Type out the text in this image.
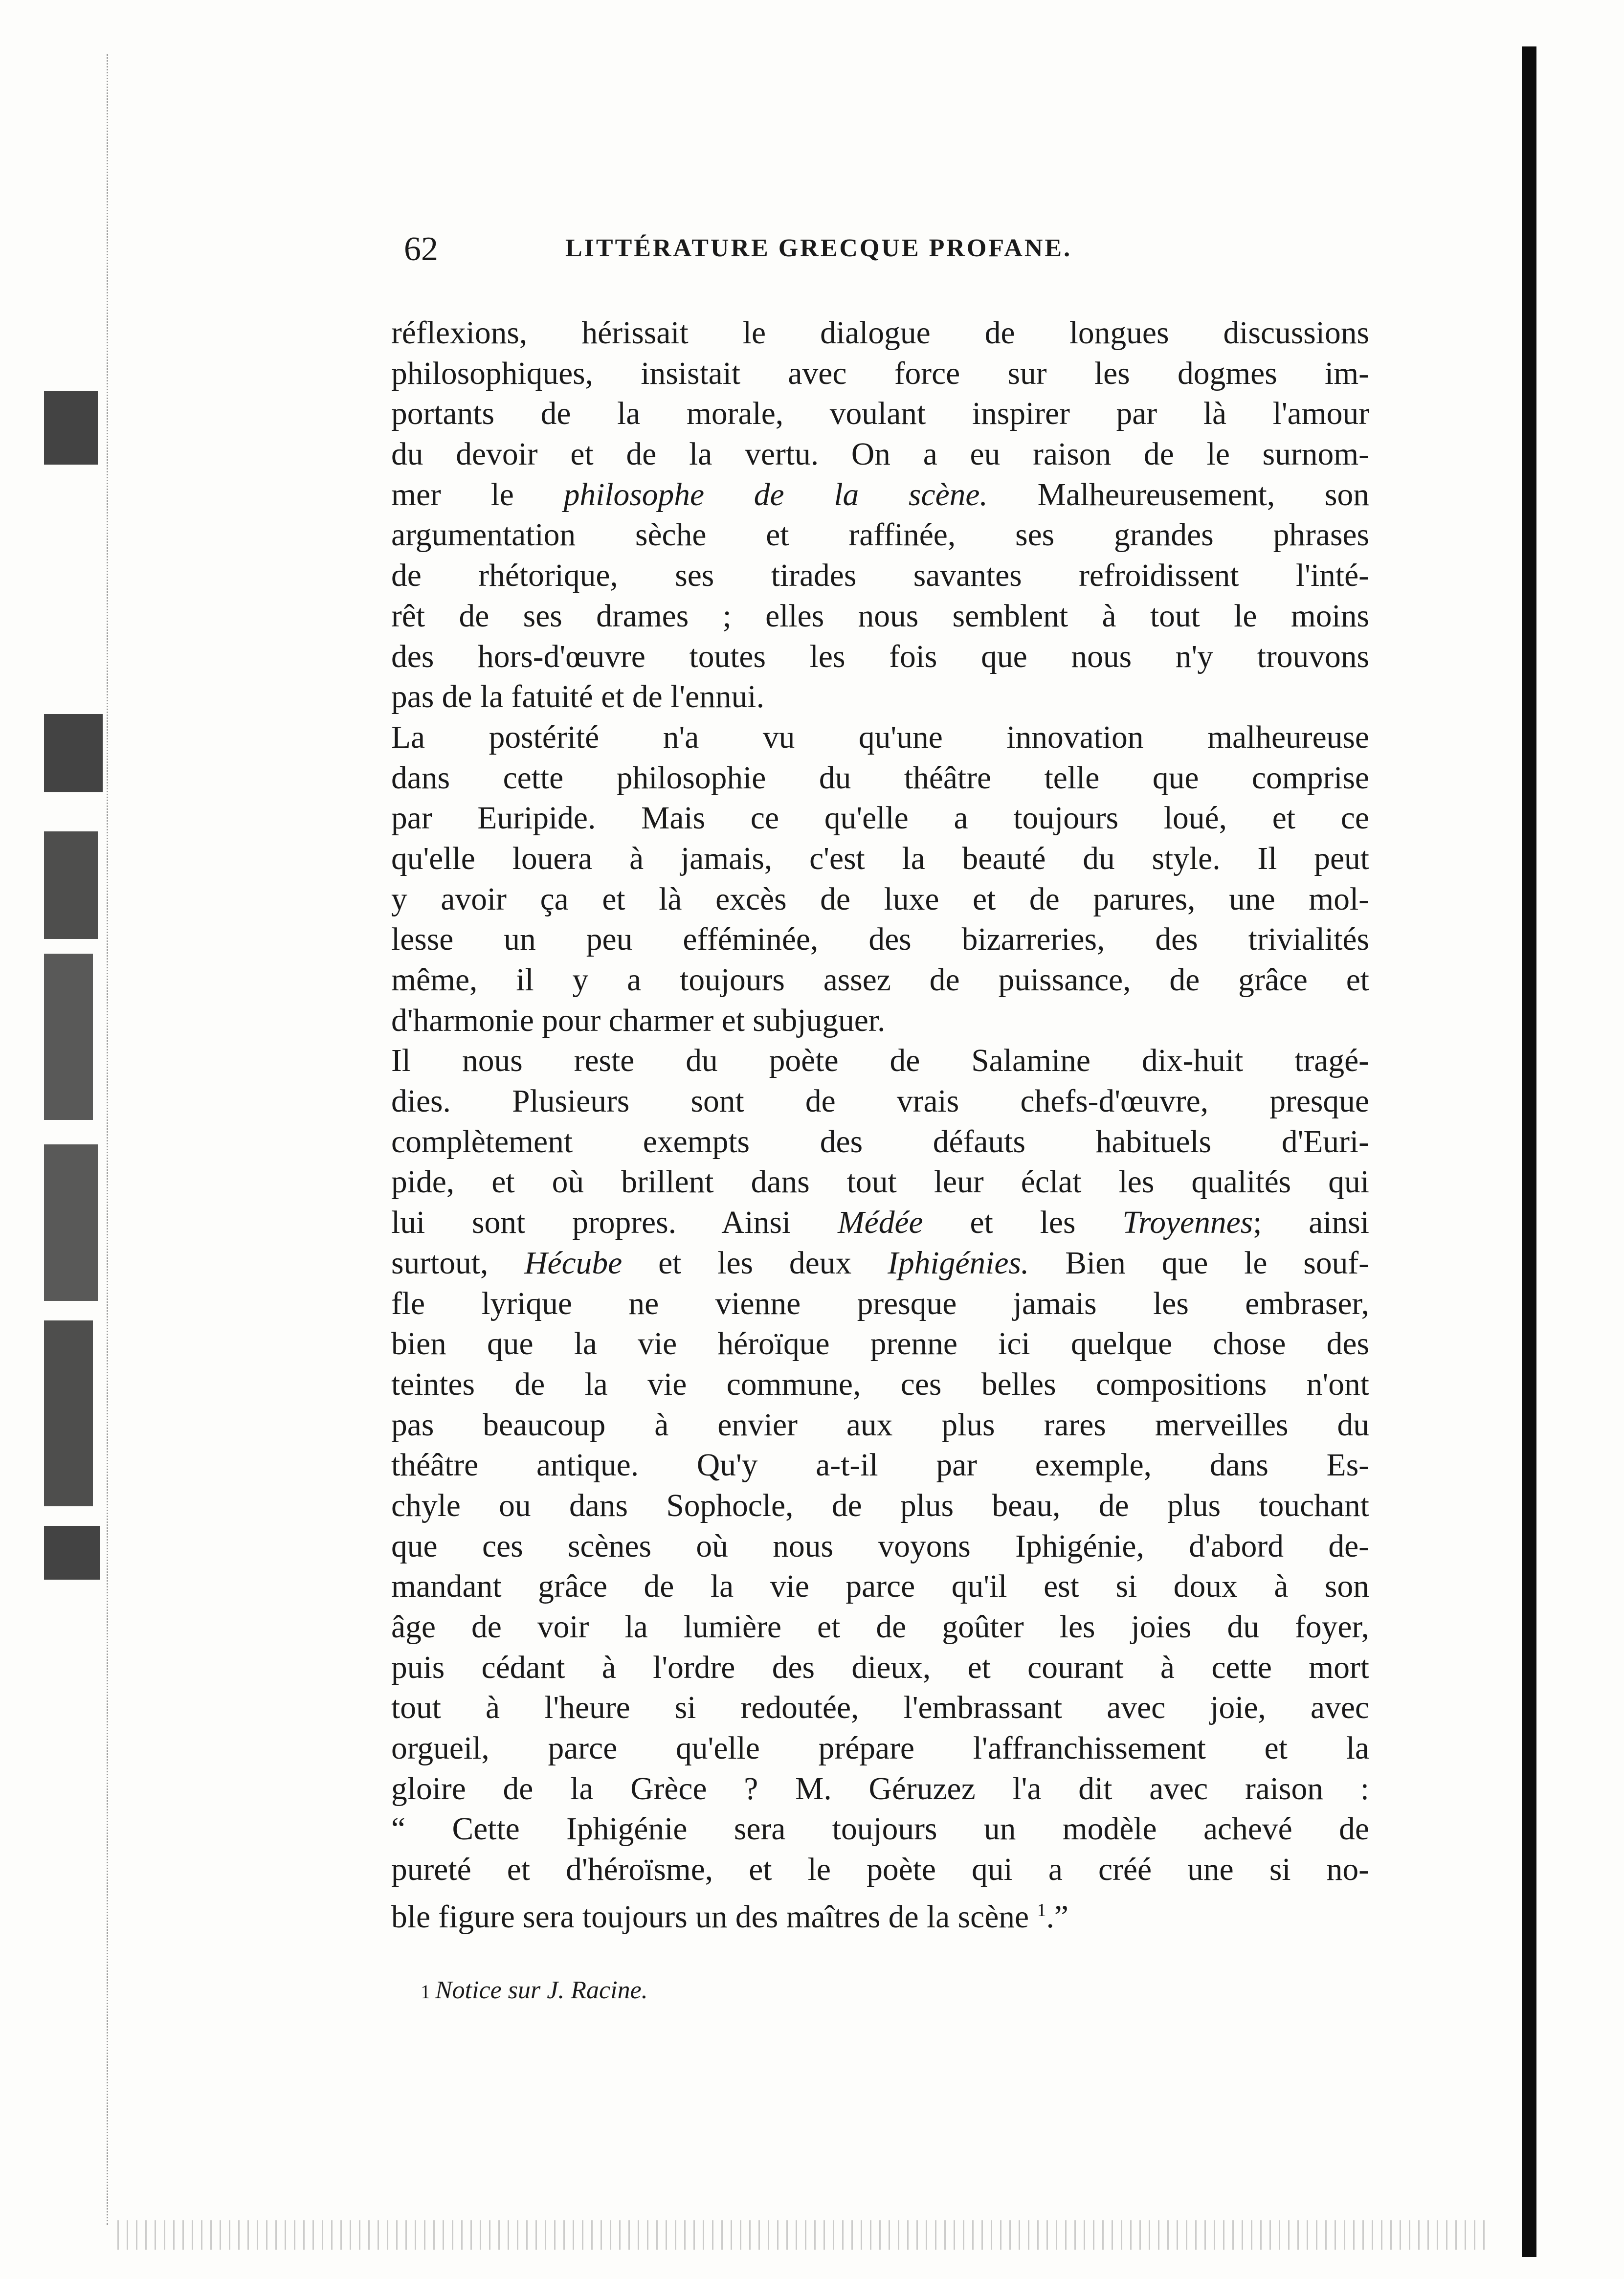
62	LITTÉRATURE GRECQUE PROFANE.
réflexions, hérissait le dialogue de longues discussions
philosophiques, insistait avec force sur les dogmes im-
portants de la morale, voulant inspirer par là l'amour
du devoir et de la vertu. On a eu raison de le surnom-
mer le philosophe de la scène. Malheureusement, son
argumentation sèche et raffinée, ses grandes phrases
de rhétorique, ses tirades savantes refroidissent l'inté-
rêt de ses drames ; elles nous semblent à tout le moins
des hors-d'œuvre toutes les fois que nous n'y trouvons
pas de la fatuité et de l'ennui.
La postérité n'a vu qu'une innovation malheureuse
dans cette philosophie du théâtre telle que comprise
par Euripide. Mais ce qu'elle a toujours loué, et ce
qu'elle louera à jamais, c'est la beauté du style. Il peut
y avoir ça et là excès de luxe et de parures, une mol-
lesse un peu efféminée, des bizarreries, des trivialités
même, il y a toujours assez de puissance, de grâce et
d'harmonie pour charmer et subjuguer.
Il nous reste du poète de Salamine dix-huit tragé-
dies. Plusieurs sont de vrais chefs-d'œuvre, presque
complètement exempts des défauts habituels d'Euri-
pide, et où brillent dans tout leur éclat les qualités qui
lui sont propres. Ainsi Médée et les Troyennes; ainsi
surtout, Hécube et les deux Iphigénies. Bien que le souf-
fle lyrique ne vienne presque jamais les embraser,
bien que la vie héroïque prenne ici quelque chose des
teintes de la vie commune, ces belles compositions n'ont
pas beaucoup à envier aux plus rares merveilles du
théâtre antique. Qu'y a-t-il par exemple, dans Es-
chyle ou dans Sophocle, de plus beau, de plus touchant
que ces scènes où nous voyons Iphigénie, d'abord de-
mandant grâce de la vie parce qu'il est si doux à son
âge de voir la lumière et de goûter les joies du foyer,
puis cédant à l'ordre des dieux, et courant à cette mort
tout à l'heure si redoutée, l'embrassant avec joie, avec
orgueil, parce qu'elle prépare l'affranchissement et la
gloire de la Grèce ? M. Géruzez l'a dit avec raison :
“ Cette Iphigénie sera toujours un modèle achevé de
pureté et d'héroïsme, et le poète qui a créé une si no-
ble figure sera toujours un des maîtres de la scène $^1$.”
1 Notice sur J. Racine.
